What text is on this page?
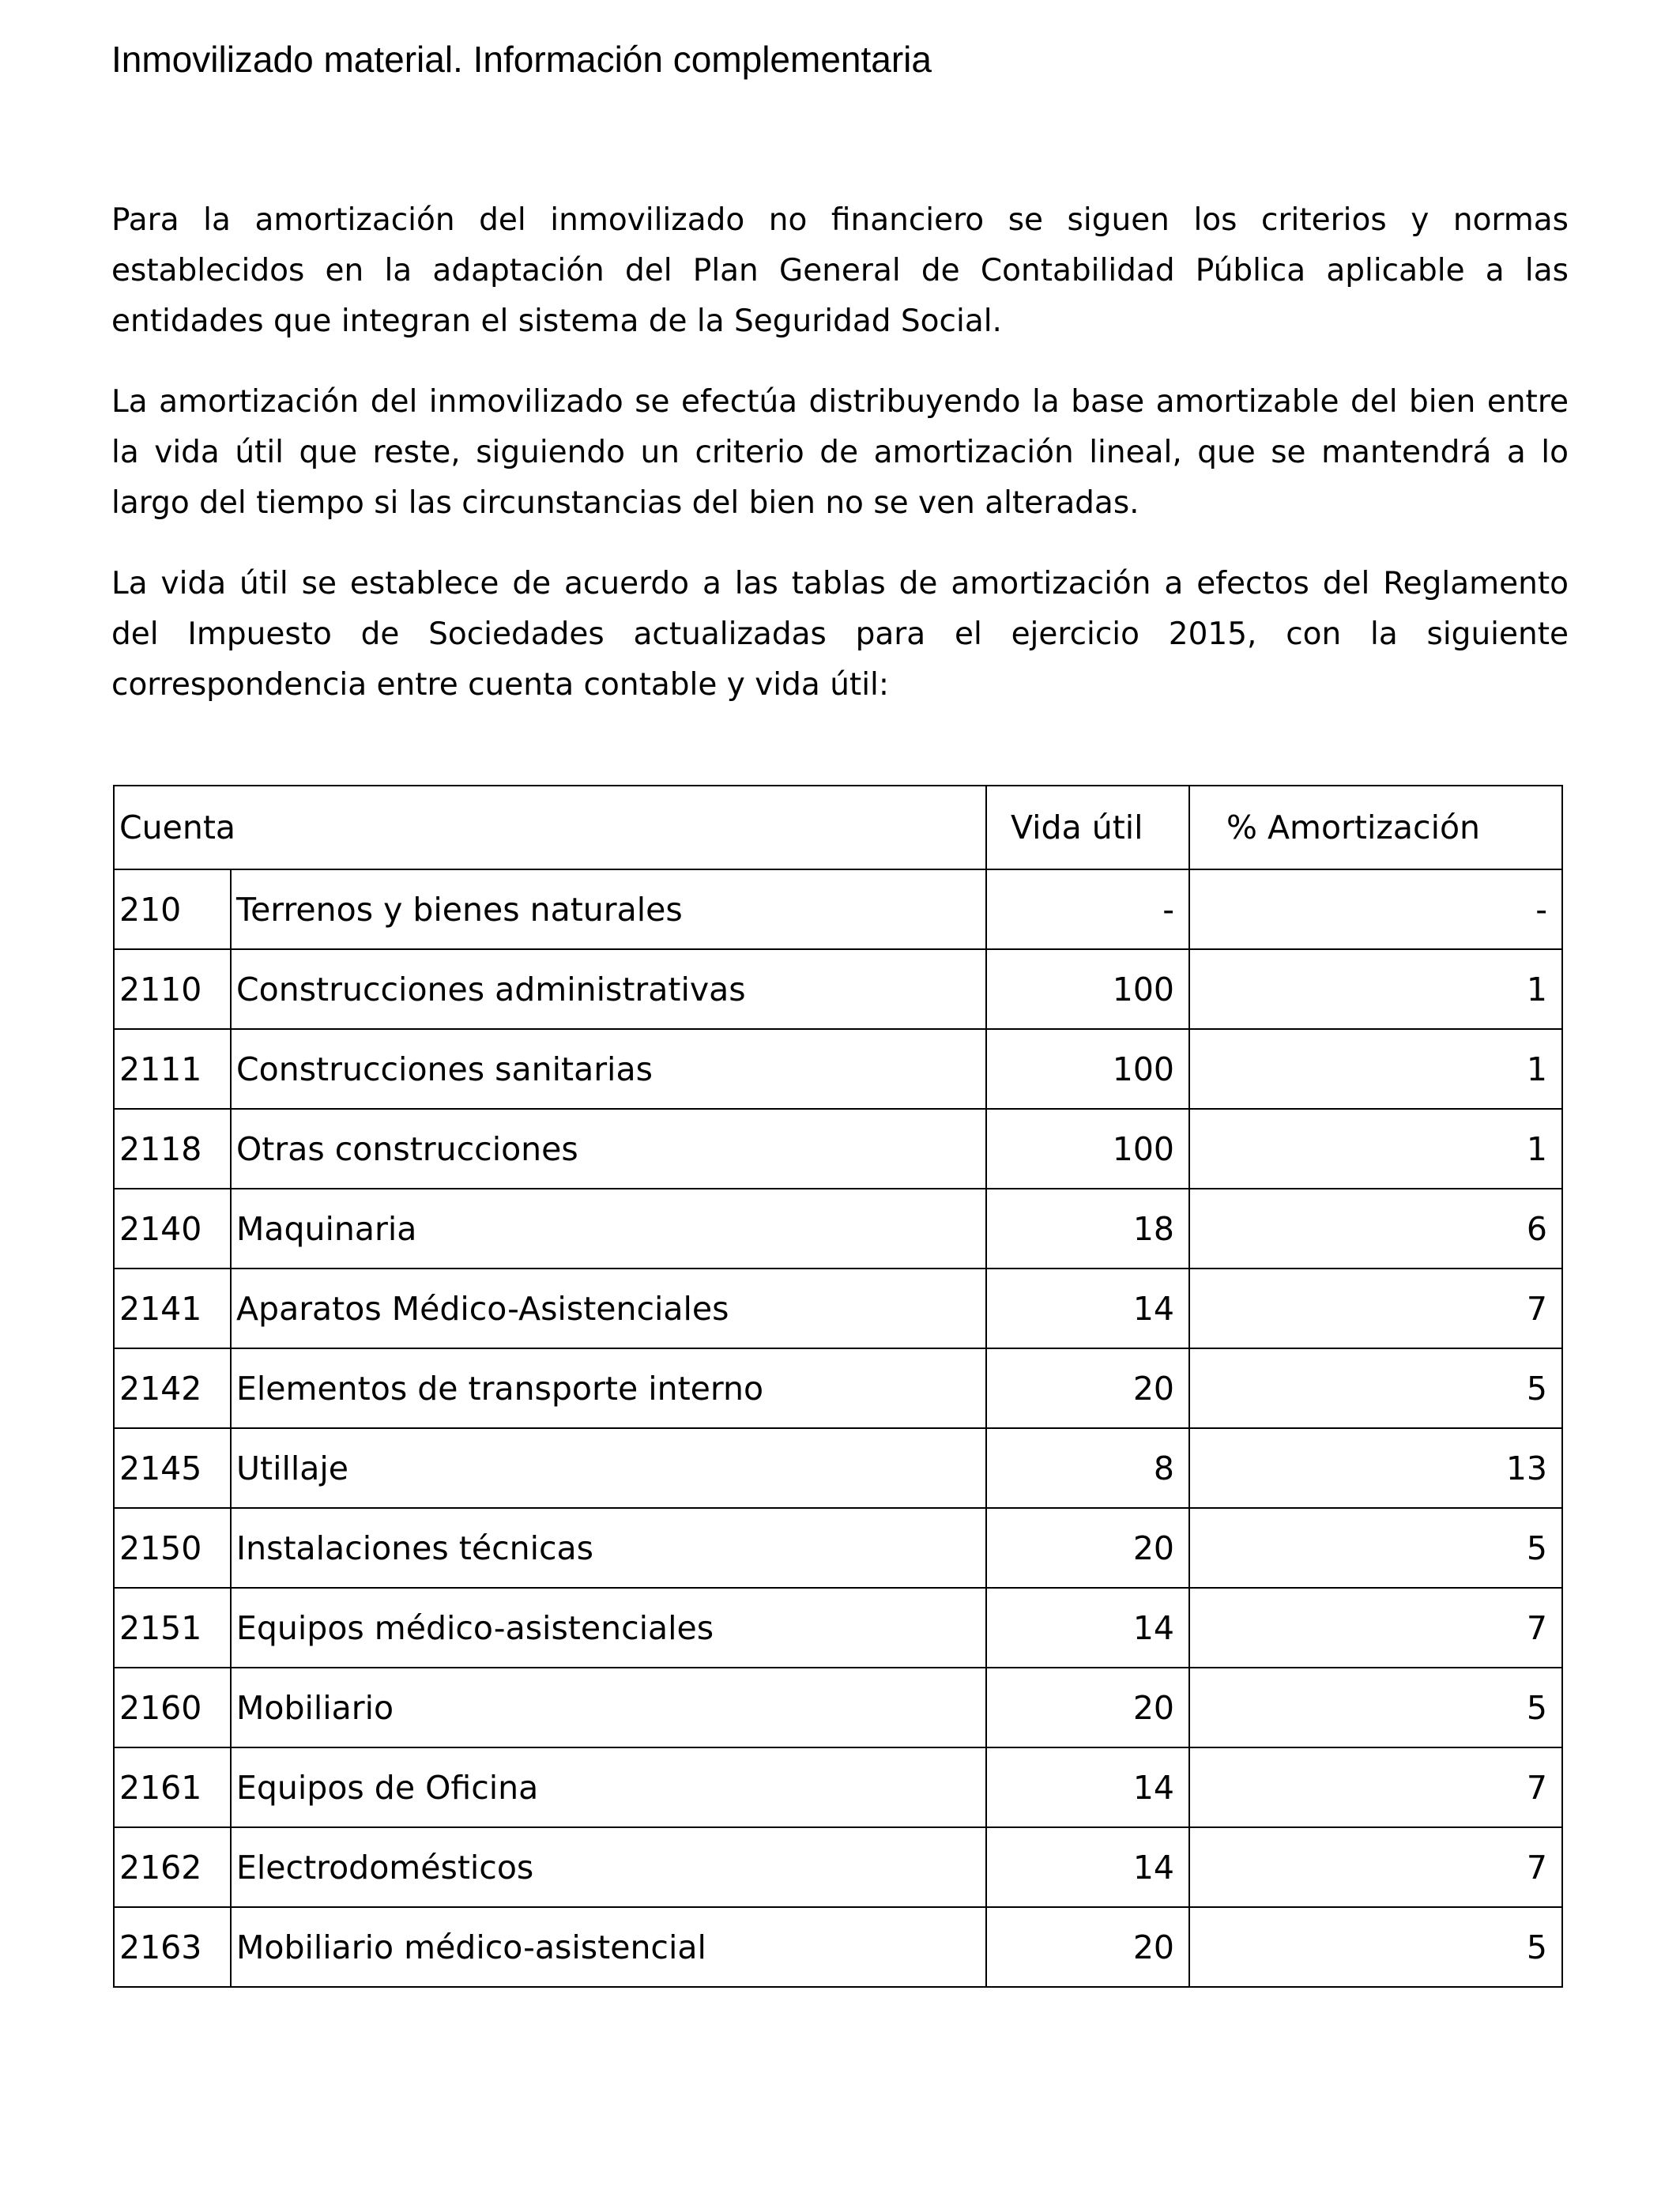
Inmovilizado material. Información complementaria

Para la amortización del inmovilizado no financiero se siguen los criterios y normas establecidos en la adaptación del Plan General de Contabilidad Pública aplicable a las entidades que integran el sistema de la Seguridad Social.

La amortización del inmovilizado se efectúa distribuyendo la base amortizable del bien entre la vida útil que reste, siguiendo un criterio de amortización lineal, que se mantendrá a lo largo del tiempo si las circunstancias del bien no se ven alteradas.

La vida útil se establece de acuerdo a las tablas de amortización a efectos del Reglamento del Impuesto de Sociedades actualizadas para el ejercicio 2015, con la siguiente correspondencia entre cuenta contable y vida útil:

Cuenta		Vida útil	% Amortización
210	Terrenos y bienes naturales	-	-
2110	Construcciones administrativas	100	1
2111	Construcciones sanitarias	100	1
2118	Otras construcciones	100	1
2140	Maquinaria	18	6
2141	Aparatos Médico-Asistenciales	14	7
2142	Elementos de transporte interno	20	5
2145	Utillaje	8	13
2150	Instalaciones técnicas	20	5
2151	Equipos médico-asistenciales	14	7
2160	Mobiliario	20	5
2161	Equipos de Oficina	14	7
2162	Electrodomésticos	14	7
2163	Mobiliario médico-asistencial	20	5
